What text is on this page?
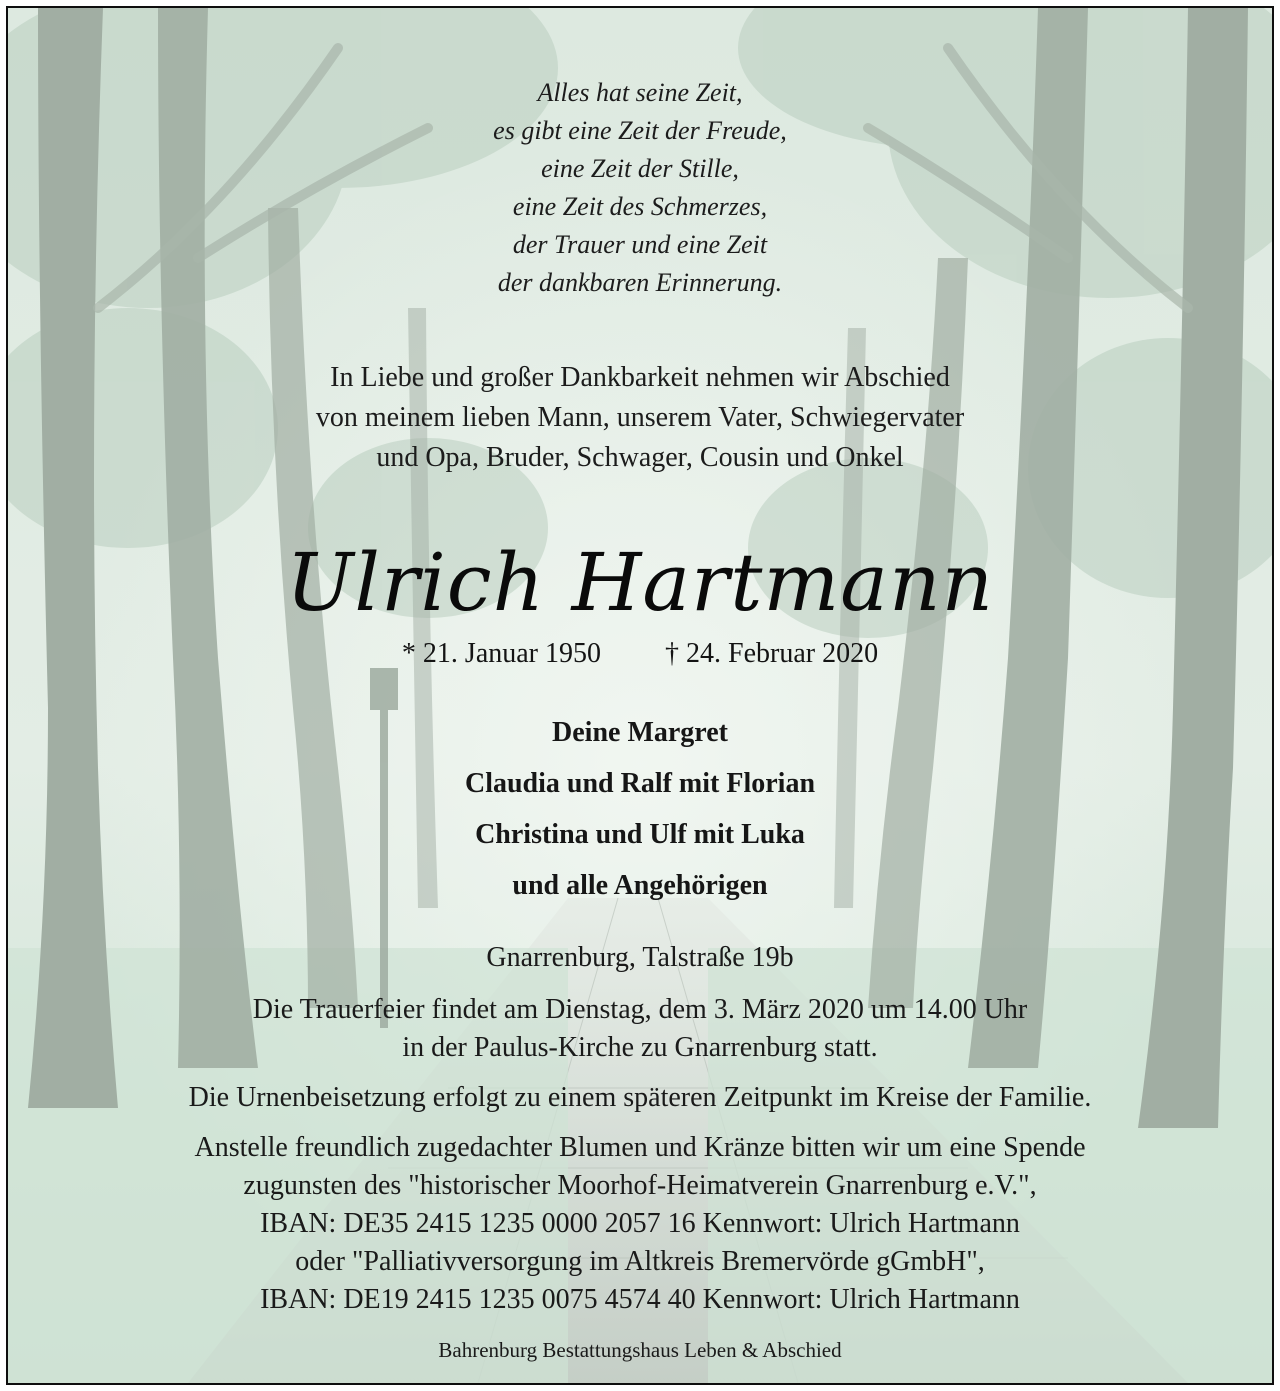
Alles hat seine Zeit,
es gibt eine Zeit der Freude,
eine Zeit der Stille,
eine Zeit des Schmerzes,
der Trauer und eine Zeit
der dankbaren Erinnerung.
In Liebe und großer Dankbarkeit nehmen wir Abschied
von meinem lieben Mann, unserem Vater, Schwiegervater
und Opa, Bruder, Schwager, Cousin und Onkel
Ulrich Hartmann
* 21. Januar 1950 † 24. Februar 2020
Deine Margret
Claudia und Ralf mit Florian
Christina und Ulf mit Luka
und alle Angehörigen
Gnarrenburg, Talstraße 19b
Die Trauerfeier findet am Dienstag, dem 3. März 2020 um 14.00 Uhr
in der Paulus-Kirche zu Gnarrenburg statt.
Die Urnenbeisetzung erfolgt zu einem späteren Zeitpunkt im Kreise der Familie.
Anstelle freundlich zugedachter Blumen und Kränze bitten wir um eine Spende
zugunsten des "historischer Moorhof-Heimatverein Gnarrenburg e.V.",
IBAN: DE35 2415 1235 0000 2057 16 Kennwort: Ulrich Hartmann
oder "Palliativversorgung im Altkreis Bremervörde gGmbH",
IBAN: DE19 2415 1235 0075 4574 40 Kennwort: Ulrich Hartmann
Bahrenburg Bestattungshaus Leben & Abschied
